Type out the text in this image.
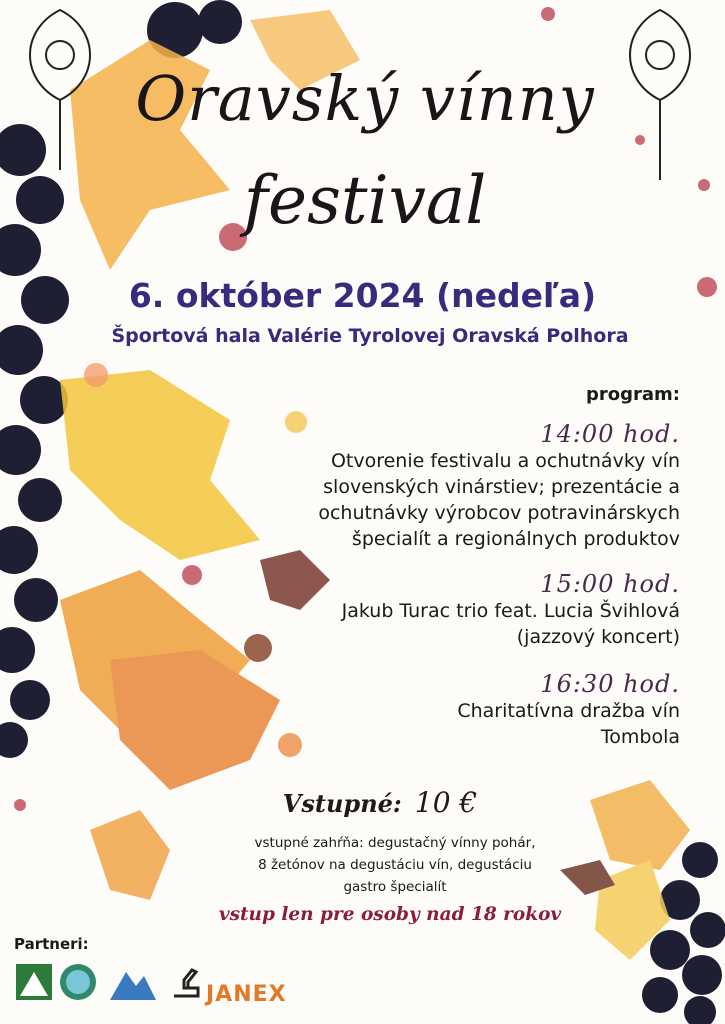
Oravský vínny
festival
6. október 2024 (nedeľa)
Športová hala Valérie Tyrolovej Oravská Polhora
program:
14:00 hod.
Otvorenie festivalu a ochutnávky vín
slovenských vinárstiev; prezentácie a
ochutnávky výrobcov potravinárskych
špecialít a regionálnych produktov
15:00 hod.
Jakub Turac trio feat. Lucia Švihlová
(jazzový koncert)
16:30 hod.
Charitatívna dražba vín
Tombola
Vstupné: 10 €
vstupné zahŕňa: degustačný vínny pohár,
8 žetónov na degustáciu vín, degustáciu
gastro špecialít
vstup len pre osoby nad 18 rokov
Partneri:
JANEX
